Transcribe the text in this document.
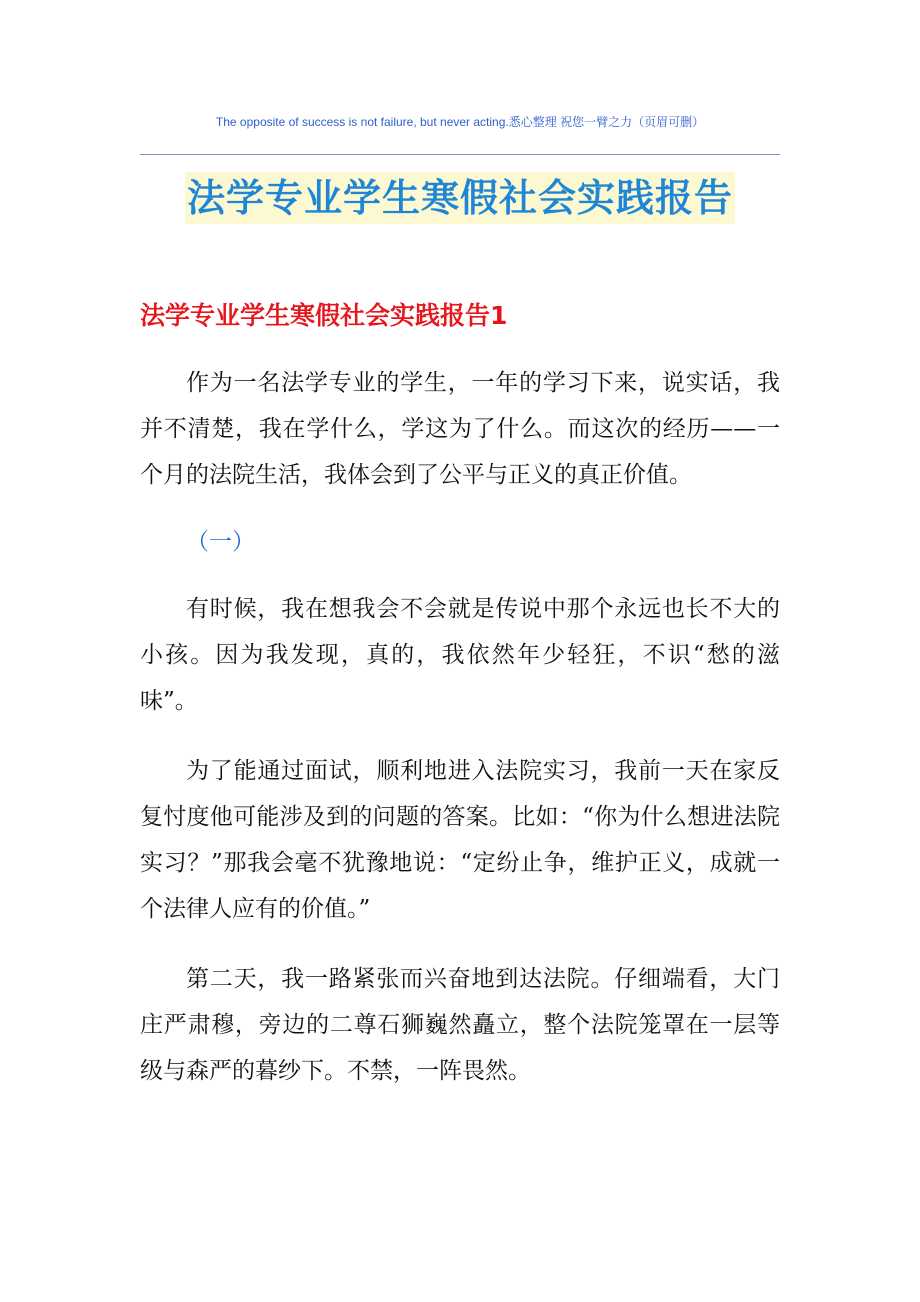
The opposite of success is not failure, but never acting.悉心整理 祝您一臂之力（页眉可删）
法学专业学生寒假社会实践报告
法学专业学生寒假社会实践报告1

作为一名法学专业的学生，一年的学习下来，说实话，我并不清楚，我在学什么，学这为了什么。而这次的经历——一个月的法院生活，我体会到了公平与正义的真正价值。

（一）

有时候，我在想我会不会就是传说中那个永远也长不大的小孩。因为我发现，真的，我依然年少轻狂，不识“愁的滋味”。

为了能通过面试，顺利地进入法院实习，我前一天在家反复忖度他可能涉及到的问题的答案。比如：“你为什么想进法院实习？”那我会毫不犹豫地说：“定纷止争，维护正义，成就一个法律人应有的价值。”

第二天，我一路紧张而兴奋地到达法院。仔细端看，大门庄严肃穆，旁边的二尊石狮巍然矗立，整个法院笼罩在一层等级与森严的暮纱下。不禁，一阵畏然。
